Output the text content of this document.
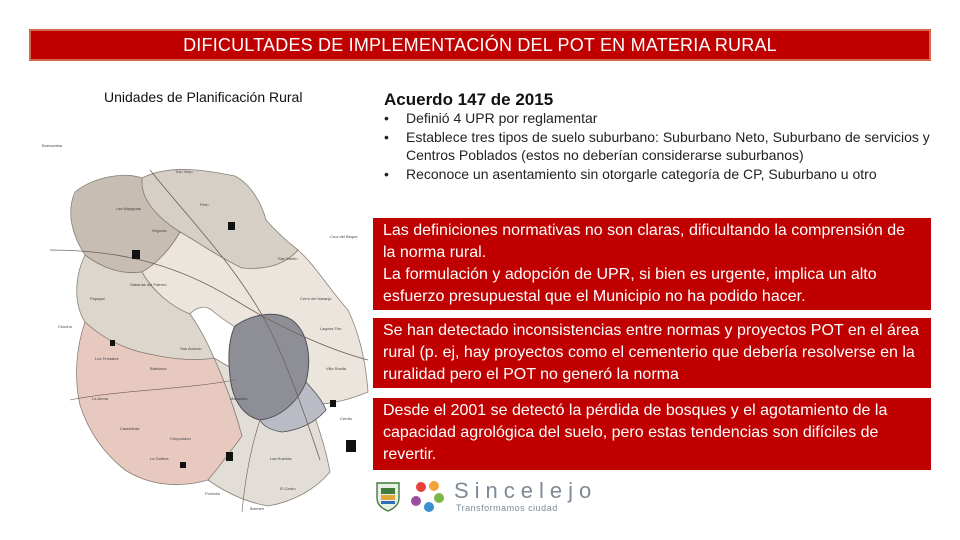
DIFICULTADES DE IMPLEMENTACIÓN DEL POT EN MATERIA RURAL
Unidades de Planificación Rural
Tulu Viejo
Buenavista
Chochó
La Arena
Cruz del Beque
Las Majaguas
Segovia
Perú
San Martín
Papayal
Sabanas del Potrero
San Antonio
Babilonia
Cerro del Naranjo
Laguna Flor
Villa Rosita
Castañeda
Chupundún
La Gallera	Las Huertas
Cerrito
Pochotá
El Cedro
Manantial
Los Tendales
Bremen
Acuerdo 147 de 2015
• Definió 4 UPR por reglamentar
• Establece tres tipos de suelo suburbano: Suburbano Neto, Suburbano de servicios y Centros Poblados (estos no deberían considerarse suburbanos)
• Reconoce un asentamiento sin otorgarle categoría de CP, Suburbano u otro

Las definiciones normativas no son claras, dificultando la comprensión de la norma rural.

La formulación y adopción de UPR, si bien es urgente, implica un alto esfuerzo presupuestal que el Municipio no ha podido hacer.

Se han detectado inconsistencias entre normas y proyectos POT en el área rural (p. ej, hay proyectos como el cementerio que debería resolverse en la ruralidad pero el POT no generó la norma

Desde el 2001 se detectó la pérdida de bosques y el agotamiento de la capacidad agrológica del suelo, pero estas tendencias son difíciles de revertir.

Sincelejo
Transformamos ciudad
